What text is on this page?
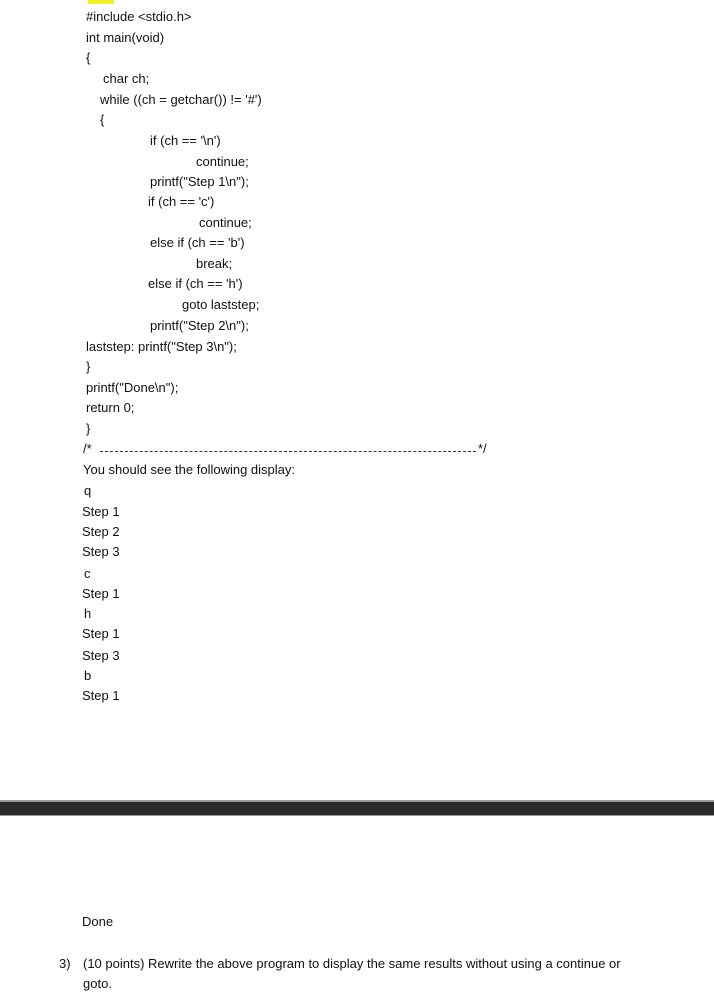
#include <stdio.h>
int main(void)
{
char ch;
while ((ch = getchar()) != '#')
{
if (ch == '\n')
continue;
printf("Step 1\n");
if (ch == 'c')
continue;
else if (ch == 'b')
break;
else if (ch == 'h')
goto laststep;
printf("Step 2\n");
laststep: printf("Step 3\n");
}
printf("Done\n");
return 0;
}
/*	*/
You should see the following display:
q
Step 1
Step 2
Step 3
c
Step 1
h
Step 1
Step 3
b
Step 1
Done
3) (10 points) Rewrite the above program to display the same results without using a continue or
goto.
